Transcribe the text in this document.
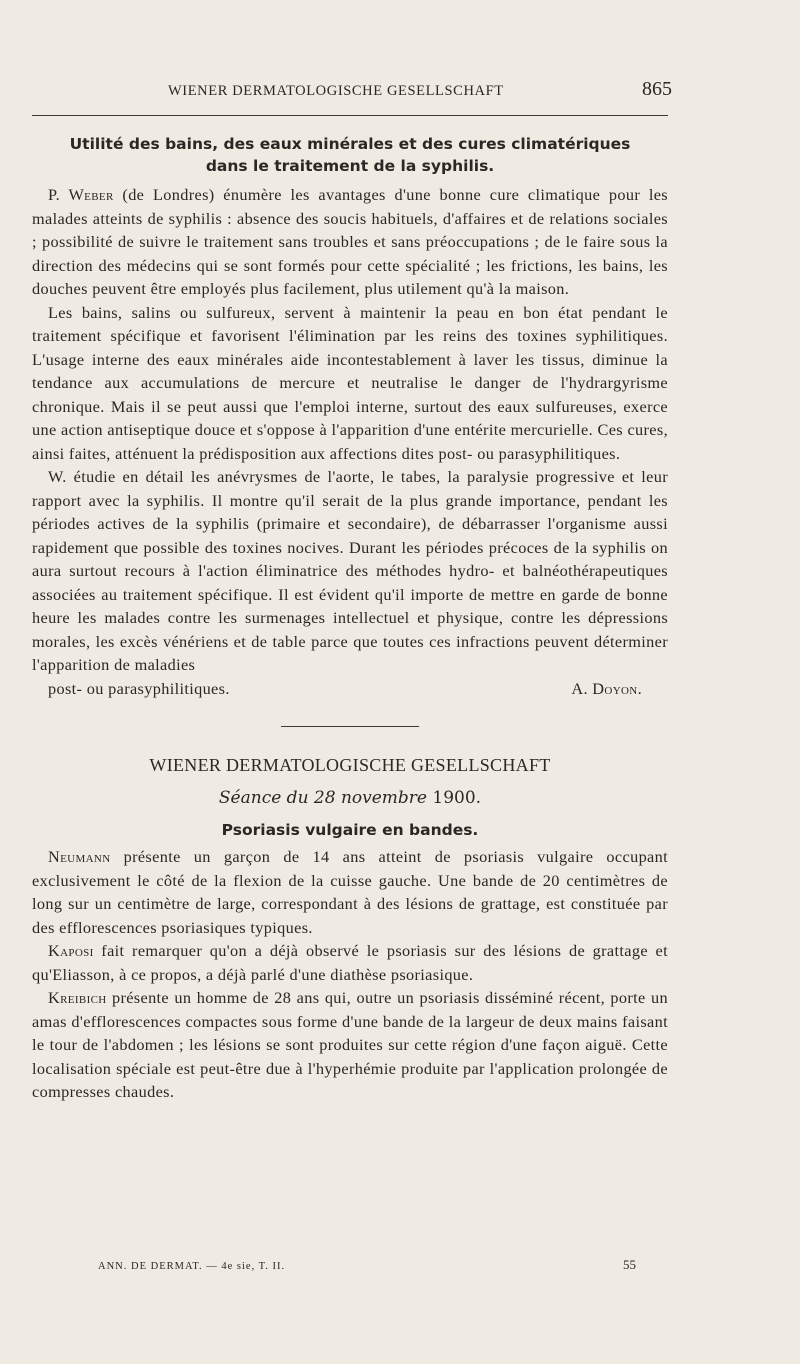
WIENER DERMATOLOGISCHE GESELLSCHAFT	865
Utilité des bains, des eaux minérales et des cures climatériques
dans le traitement de la syphilis.

P. Weber (de Londres) énumère les avantages d'une bonne cure climatique pour les malades atteints de syphilis : absence des soucis habituels, d'affaires et de relations sociales ; possibilité de suivre le traitement sans troubles et sans préoccupations ; de le faire sous la direction des médecins qui se sont formés pour cette spécialité ; les frictions, les bains, les douches peuvent être employés plus facilement, plus utilement qu'à la maison.

Les bains, salins ou sulfureux, servent à maintenir la peau en bon état pendant le traitement spécifique et favorisent l'élimination par les reins des toxines syphilitiques. L'usage interne des eaux minérales aide incontestablement à laver les tissus, diminue la tendance aux accumulations de mercure et neutralise le danger de l'hydrargyrisme chronique. Mais il se peut aussi que l'emploi interne, surtout des eaux sulfureuses, exerce une action antiseptique douce et s'oppose à l'apparition d'une entérite mercurielle. Ces cures, ainsi faites, atténuent la prédisposition aux affections dites post- ou parasyphilitiques.

W. étudie en détail les anévrysmes de l'aorte, le tabes, la paralysie progressive et leur rapport avec la syphilis. Il montre qu'il serait de la plus grande importance, pendant les périodes actives de la syphilis (primaire et secondaire), de débarrasser l'organisme aussi rapidement que possible des toxines nocives. Durant les périodes précoces de la syphilis on aura surtout recours à l'action éliminatrice des méthodes hydro- et balnéothérapeutiques associées au traitement spécifique. Il est évident qu'il importe de mettre en garde de bonne heure les malades contre les surmenages intellectuel et physique, contre les dépressions morales, les excès vénériens et de table parce que toutes ces infractions peuvent déterminer l'apparition de maladies
post- ou parasyphilitiques.	A. Doyon.

WIENER DERMATOLOGISCHE GESELLSCHAFT
Séance du 28 novembre 1900.
Psoriasis vulgaire en bandes.

Neumann présente un garçon de 14 ans atteint de psoriasis vulgaire occupant exclusivement le côté de la flexion de la cuisse gauche. Une bande de 20 centimètres de long sur un centimètre de large, correspondant à des lésions de grattage, est constituée par des efflorescences psoriasiques typiques.

Kaposi fait remarquer qu'on a déjà observé le psoriasis sur des lésions de grattage et qu'Eliasson, à ce propos, a déjà parlé d'une diathèse psoriasique.

Kreibich présente un homme de 28 ans qui, outre un psoriasis disséminé récent, porte un amas d'efflorescences compactes sous forme d'une bande de la largeur de deux mains faisant le tour de l'abdomen ; les lésions se sont produites sur cette région d'une façon aiguë. Cette localisation spéciale est peut-être due à l'hyperhémie produite par l'application prolongée de compresses chaudes.

ANN. DE DERMAT. — 4e sie, T. II.	55
